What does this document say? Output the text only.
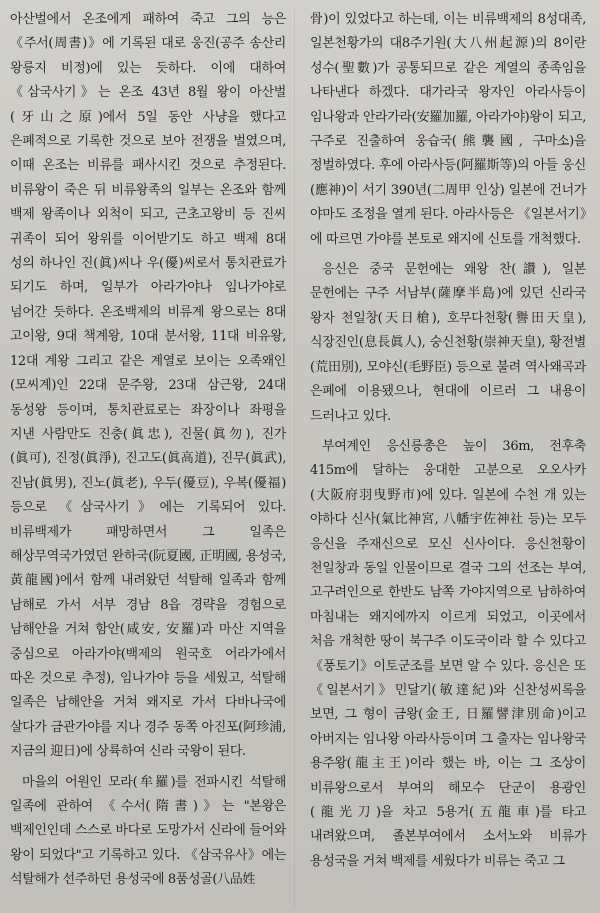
아산벌에서 온조에게 패하여 죽고 그의 능은 《주서(周書)》에 기록된 대로 웅진(공주 송산리 왕릉지 비정)에 있는 듯하다. 이에 대하여 《삼국사기》는 온조 43년 8월 왕이 아산벌(牙山之原)에서 5일 동안 사냥을 했다고 은폐적으로 기록한 것으로 보아 전쟁을 벌였으며, 이때 온조는 비류를 패사시킨 것으로 추정된다. 비류왕이 죽은 뒤 비류왕족의 일부는 온조와 함께 백제 왕족이나 외척이 되고, 근초고왕비 등 진씨 귀족이 되어 왕위를 이어받기도 하고 백제 8대 성의 하나인 진(眞)씨나 우(優)씨로서 통치관료가 되기도 하며, 일부가 아라가야나 임나가야로 넘어간 듯하다. 온조백제의 비류계 왕으로는 8대 고이왕, 9대 책계왕, 10대 분서왕, 11대 비유왕, 12대 계왕 그리고 같은 계열로 보이는 오족왜인(모씨계)인 22대 문주왕, 23대 삼근왕, 24대 동성왕 등이며, 통치관료로는 좌장이나 좌평을 지낸 사람만도 진충(眞忠), 진물(眞勿), 진가(眞可), 진정(眞淨), 진고도(眞高道), 진무(眞武), 진남(眞男), 진노(眞老), 우두(優豆), 우복(優福) 등으로 《삼국사기》에는 기록되어 있다. 비류백제가 패망하면서 그 일족은 해상무역국가였던 완하국(阮夏國, 正明國, 용성국, 黃龍國)에서 함께 내려왔던 석탈해 일족과 함께 남해로 가서 서부 경남 8읍 경략을 경험으로 남해안을 거쳐 함안(咸安, 安羅)과 마산 지역을 중심으로 아라가야(백제의 원국호 어라가에서 따온 것으로 추정), 임나가야 등을 세웠고, 석탈해 일족은 남해안을 거쳐 왜지로 가서 다바나국에 살다가 금관가야를 지나 경주 동쪽 아진포(阿珍浦, 지금의 迎日)에 상륙하여 신라 국왕이 된다.

마을의 어원인 모라(牟羅)를 전파시킨 석탈해 일족에 관하여 《수서(隋書)》는 "본왕은 백제인인데 스스로 바다로 도망가서 신라에 들어와 왕이 되었다"고 기록하고 있다. 《삼국유사》에는 석탈해가 선주하던 용성국에 8품성골(八品姓

骨)이 있었다고 하는데, 이는 비류백제의 8성대족, 일본천황가의 대8주기원(大八州起源)의 8이란 성수(聖數)가 공통되므로 같은 계열의 종족임을 나타낸다 하겠다. 대가라국 왕자인 아라사등이 임나왕과 안라가라(安羅加羅, 아라가야)왕이 되고, 구주로 진출하여 웅습국(熊襲國, 구마소)을 정벌하였다. 후에 아라사등(阿羅斯等)의 아들 웅신(應神)이 서기 390년(二周甲 인상) 일본에 건너가 야마도 조정을 열게 된다. 아라사등은 《일본서기》에 따르면 가야를 본토로 왜지에 신토를 개척했다.

응신은 중국 문헌에는 왜왕 찬(讚), 일본 문헌에는 구주 서남부(薩摩半島)에 있던 신라국 왕자 천일창(天日槍), 호무다천황(譽田天皇), 식장진인(息長眞人), 숭신천황(崇神天皇), 황전별(荒田別), 모야신(毛野臣) 등으로 불려 역사왜곡과 은폐에 이용됐으나, 현대에 이르러 그 내용이 드러나고 있다.

부여계인 응신릉총은 높이 36m, 전후축 415m에 달하는 웅대한 고분으로 오오사카(大阪府羽曳野市)에 있다. 일본에 수천 개 있는 야하다 신사(氣比神宮, 八幡宇佐神社 등)는 모두 응신을 주재신으로 모신 신사이다. 응신천황이 천일창과 동일 인물이므로 결국 그의 선조는 부여, 고구려인으로 한반도 남쪽 가야지역으로 남하하여 마침내는 왜지에까지 이르게 되었고, 이곳에서 처음 개척한 땅이 북구주 이도국이라 할 수 있다고 《풍토기》이토군조를 보면 알 수 있다. 응신은 또 《일본서기》민달기(敏達紀)와 신찬성씨록을 보면, 그 형이 금왕(金王, 日羅譬津別命)이고 아버지는 임나왕 아라사등이며 그 출자는 임나왕국 용주왕(龍主王)이라 했는 바, 이는 그 조상이 비류왕으로서 부여의 해모수 단군이 용광인(龍光刀)을 차고 5용거(五龍車)를 타고 내려왔으며, 졸본부여에서 소서노와 비류가 용성국을 거쳐 백제를 세웠다가 비류는 죽고 그
